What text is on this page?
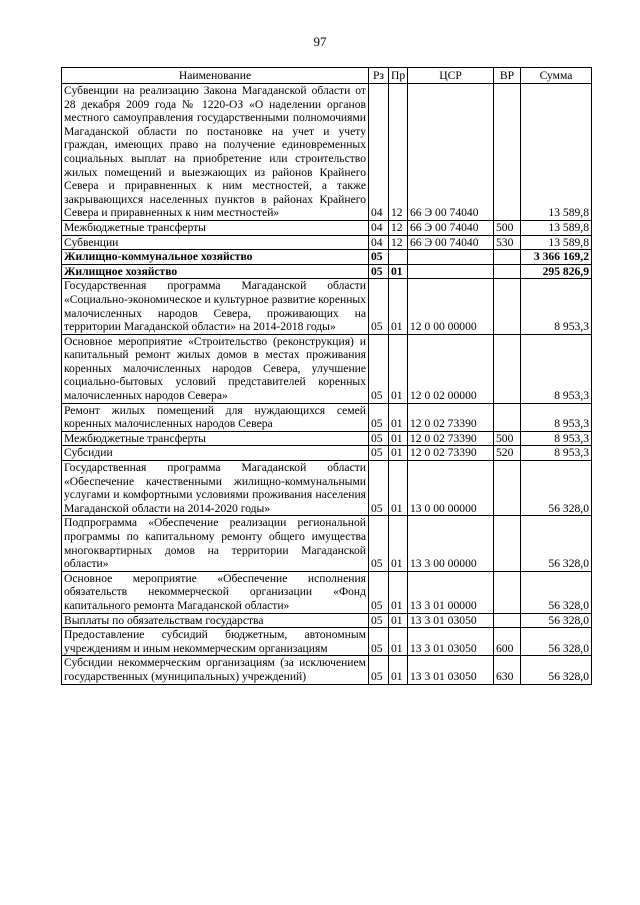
97
Наименование	Рз	Пр	ЦСР	ВР	Сумма
Субвенции на реализацию Закона Магаданской области от 28 декабря 2009 года № 1220-ОЗ «О наделении органов местного самоуправления государственными полномочиями Магаданской области по постановке на учет и учету граждан, имеющих право на получение единовременных социальных выплат на приобретение или строительство жилых помещений и выезжающих из районов Крайнего Севера и приравненных к ним местностей, а также закрывающихся населенных пунктов в районах Крайнего Севера и приравненных к ним местностей»	04	12	66 Э 00 74040		13 589,8
Межбюджетные трансферты	04	12	66 Э 00 74040	500	13 589,8
Субвенции	04	12	66 Э 00 74040	530	13 589,8
Жилищно-коммунальное хозяйство	05				3 366 169,2
Жилищное хозяйство	05	01			295 826,9
Государственная программа Магаданской области «Социально-экономическое и культурное развитие коренных малочисленных народов Севера, проживающих на территории Магаданской области» на 2014-2018 годы»	05	01	12 0 00 00000		8 953,3
Основное мероприятие «Строительство (реконструкция) и капитальный ремонт жилых домов в местах проживания коренных малочисленных народов Севера, улучшение социально-бытовых условий представителей коренных малочисленных народов Севера»	05	01	12 0 02 00000		8 953,3
Ремонт жилых помещений для нуждающихся семей коренных малочисленных народов Севера	05	01	12 0 02 73390		8 953,3
Межбюджетные трансферты	05	01	12 0 02 73390	500	8 953,3
Субсидии	05	01	12 0 02 73390	520	8 953,3
Государственная программа Магаданской области «Обеспечение качественными жилищно-коммунальными услугами и комфортными условиями проживания населения Магаданской области на 2014-2020 годы»	05	01	13 0 00 00000		56 328,0
Подпрограмма «Обеспечение реализации региональной программы по капитальному ремонту общего имущества многоквартирных домов на территории Магаданской области»	05	01	13 3 00 00000		56 328,0
Основное мероприятие «Обеспечение исполнения обязательств некоммерческой организации «Фонд капитального ремонта Магаданской области»	05	01	13 3 01 00000		56 328,0
Выплаты по обязательствам государства	05	01	13 3 01 03050		56 328,0
Предоставление субсидий бюджетным, автономным учреждениям и иным некоммерческим организациям	05	01	13 3 01 03050	600	56 328,0
Субсидии некоммерческим организациям (за исключением государственных (муниципальных) учреждений)	05	01	13 3 01 03050	630	56 328,0
